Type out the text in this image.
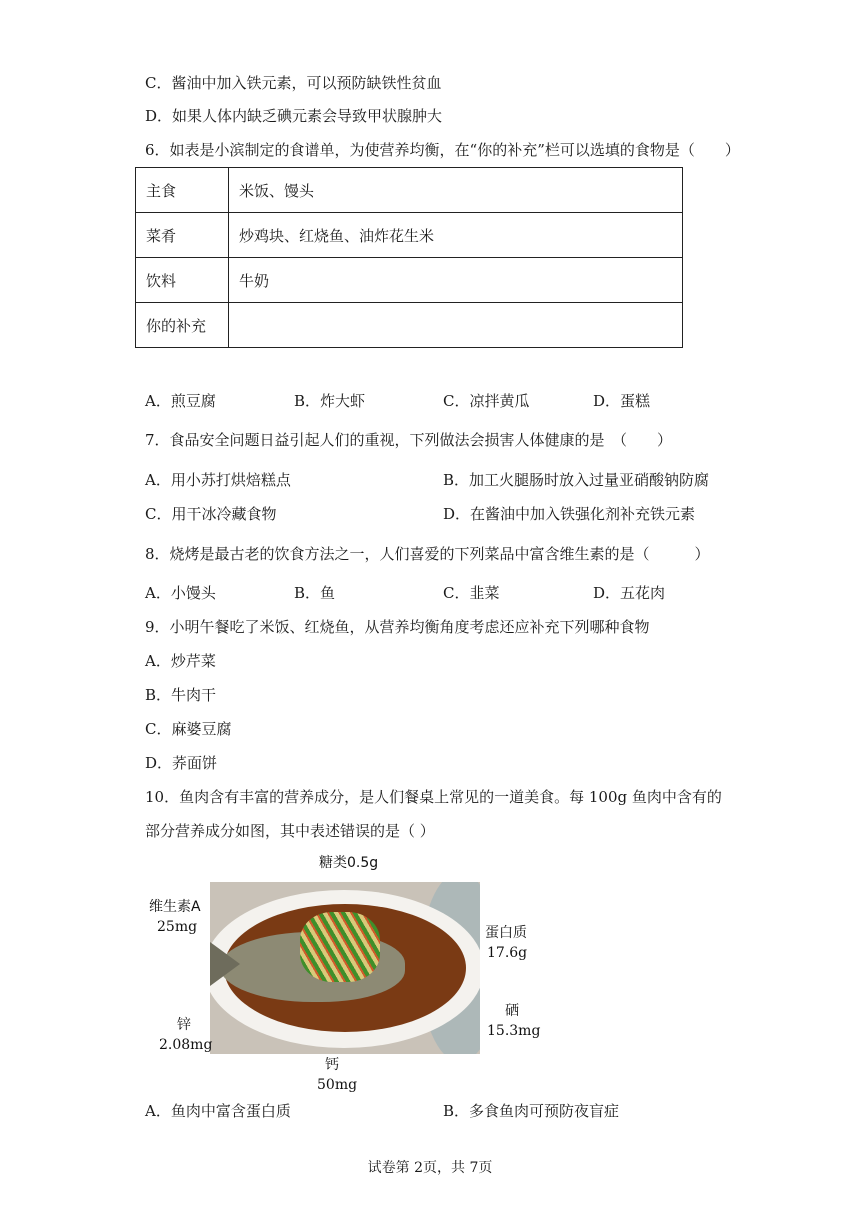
C．酱油中加入铁元素，可以预防缺铁性贫血
D．如果人体内缺乏碘元素会导致甲状腺肿大
6．如表是小滨制定的食谱单，为使营养均衡，在“你的补充”栏可以选填的食物是（　　）
主食	米饭、馒头
菜肴	炒鸡块、红烧鱼、油炸花生米
饮料	牛奶
你的补充	
A．煎豆腐	B．炸大虾	C．凉拌黄瓜	D．蛋糕
7．食品安全问题日益引起人们的重视，下列做法会损害人体健康的是　（　　）
A．用小苏打烘焙糕点	B．加工火腿肠时放入过量亚硝酸钠防腐
C．用干冰冷藏食物	D．在酱油中加入铁强化剂补充铁元素
8．烧烤是最古老的饮食方法之一，人们喜爱的下列菜品中富含维生素的是（　　　）
A．小馒头	B．鱼	C．韭菜	D．五花肉
9．小明午餐吃了米饭、红烧鱼，从营养均衡角度考虑还应补充下列哪种食物
A．炒芹菜
B．牛肉干
C．麻婆豆腐
D．荞面饼
10．鱼肉含有丰富的营养成分，是人们餐桌上常见的一道美食。每 100g 鱼肉中含有的
部分营养成分如图，其中表述错误的是（ ）
糖类0.5g
维生素A
25mg	蛋白质
17.6g
硒
15.3mg
锌
2.08mg
钙
50mg
A．鱼肉中富含蛋白质	B．多食鱼肉可预防夜盲症
试卷第 2页，共 7页
